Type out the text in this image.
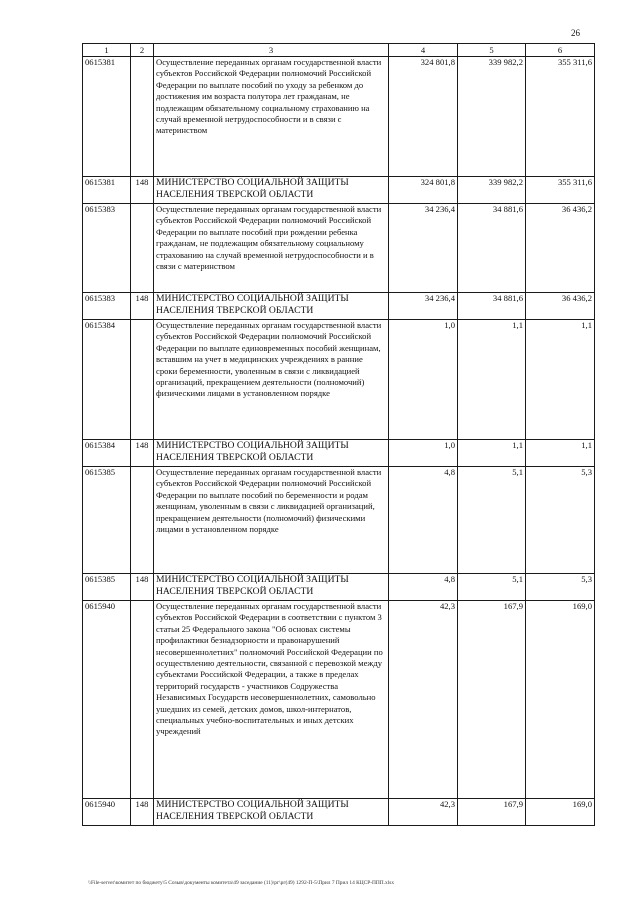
26
1	2	3	4	5	6
0615381		Осуществление переданных органам государственной власти субъектов Российской Федерации полномочий Российской Федерации по выплате пособий по уходу за ребенком до достижения им возраста полутора лет гражданам, не подлежащим обязательному социальному страхованию на случай временной нетрудоспособности и в связи с материнством	324 801,8	339 982,2	355 311,6
0615381	148	МИНИСТЕРСТВО СОЦИАЛЬНОЙ ЗАЩИТЫ НАСЕЛЕНИЯ ТВЕРСКОЙ ОБЛАСТИ	324 801,8	339 982,2	355 311,6
0615383		Осуществление переданных органам государственной власти субъектов Российской Федерации полномочий Российской Федерации по выплате пособий при рождении ребенка гражданам, не подлежащим обязательному социальному страхованию на случай временной нетрудоспособности и в связи с материнством	34 236,4	34 881,6	36 436,2
0615383	148	МИНИСТЕРСТВО СОЦИАЛЬНОЙ ЗАЩИТЫ НАСЕЛЕНИЯ ТВЕРСКОЙ ОБЛАСТИ	34 236,4	34 881,6	36 436,2
0615384		Осуществление переданных органам государственной власти субъектов Российской Федерации полномочий Российской Федерации по выплате единовременных пособий женщинам, вставшим на учет в медицинских учреждениях в ранние сроки беременности, уволенным в связи с ликвидацией организаций, прекращением деятельности (полномочий) физическими лицами в установленном порядке	1,0	1,1	1,1
0615384	148	МИНИСТЕРСТВО СОЦИАЛЬНОЙ ЗАЩИТЫ НАСЕЛЕНИЯ ТВЕРСКОЙ ОБЛАСТИ	1,0	1,1	1,1
0615385		Осуществление переданных органам государственной власти субъектов Российской Федерации полномочий Российской Федерации по выплате пособий по беременности и родам женщинам, уволенным в связи с ликвидацией организаций, прекращением деятельности (полномочий) физическими лицами в установленном порядке	4,8	5,1	5,3
0615385	148	МИНИСТЕРСТВО СОЦИАЛЬНОЙ ЗАЩИТЫ НАСЕЛЕНИЯ ТВЕРСКОЙ ОБЛАСТИ	4,8	5,1	5,3
0615940		Осуществление переданных органам государственной власти субъектов Российской Федерации в соответствии с пунктом 3 статьи 25 Федерального закона "Об основах системы профилактики безнадзорности и правонарушений несовершеннолетних" полномочий Российской Федерации по осуществлению деятельности, связанной с перевозкой между субъектами Российской Федерации, а также в пределах территорий государств - участников Содружества Независимых Государств несовершеннолетних, самовольно ушедших из семей, детских домов, школ-интернатов, специальных учебно-воспитательных и иных детских учреждений	42,3	167,9	169,0
0615940	148	МИНИСТЕРСТВО СОЦИАЛЬНОЙ ЗАЩИТЫ НАСЕЛЕНИЯ ТВЕРСКОЙ ОБЛАСТИ	42,3	167,9	169,0
\\File-server\комитет по бюджету\5 Созыв\документы комитета\49 заседание (11)\рг\рг(49) 1292-П-5\Прил 7 Прил 14 КЦСР-ППП.xlsx
